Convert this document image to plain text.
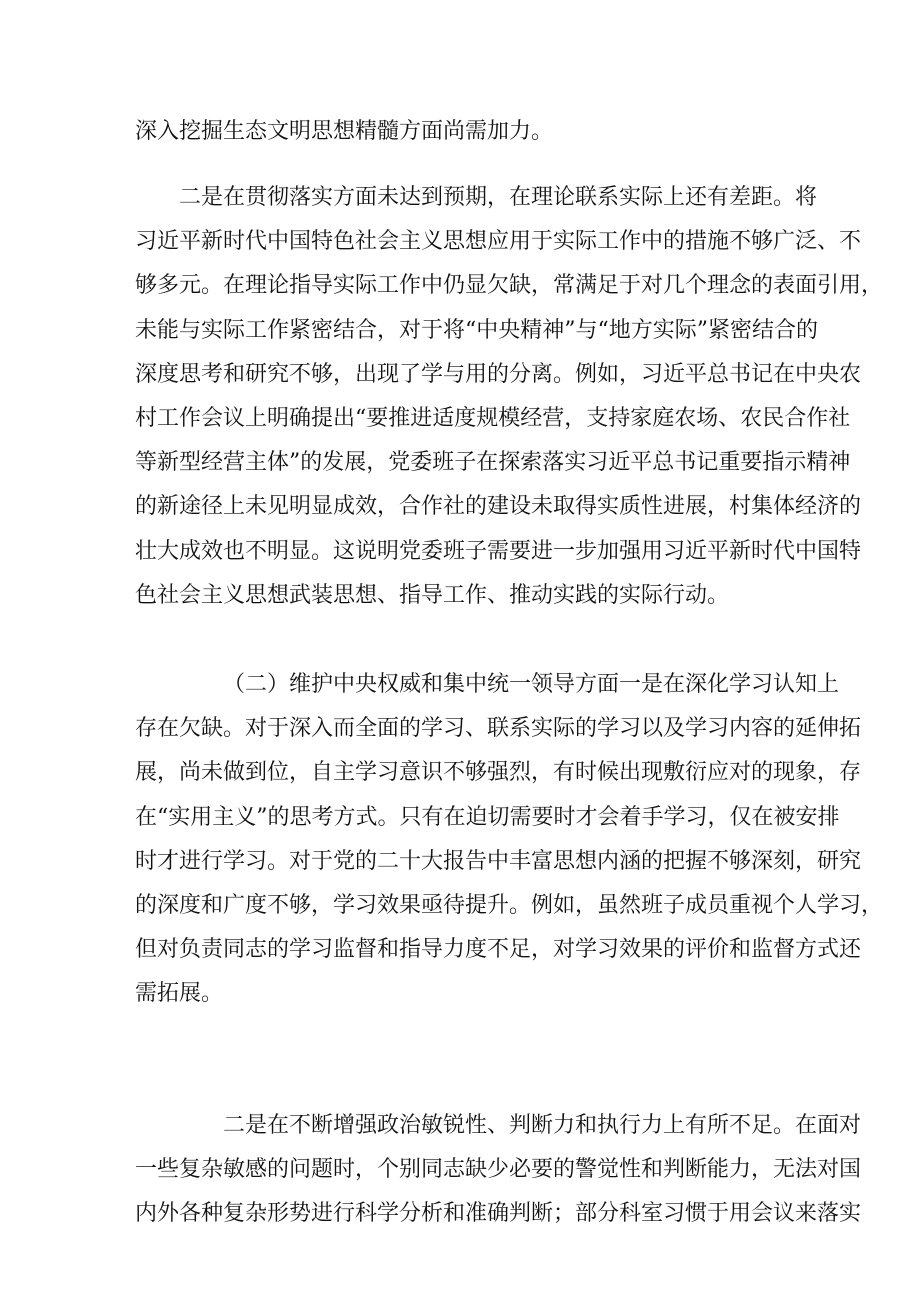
深入挖掘生态文明思想精髓方面尚需加力。
二是在贯彻落实方面未达到预期，在理论联系实际上还有差距。将
习近平新时代中国特色社会主义思想应用于实际工作中的措施不够广泛、不
够多元。在理论指导实际工作中仍显欠缺，常满足于对几个理念的表面引用，
未能与实际工作紧密结合，对于将“中央精神”与“地方实际”紧密结合的
深度思考和研究不够，出现了学与用的分离。例如，习近平总书记在中央农
村工作会议上明确提出“要推进适度规模经营，支持家庭农场、农民合作社
等新型经营主体”的发展，党委班子在探索落实习近平总书记重要指示精神
的新途径上未见明显成效，合作社的建设未取得实质性进展，村集体经济的
壮大成效也不明显。这说明党委班子需要进一步加强用习近平新时代中国特
色社会主义思想武装思想、指导工作、推动实践的实际行动。
（二）维护中央权威和集中统一领导方面一是在深化学习认知上
存在欠缺。对于深入而全面的学习、联系实际的学习以及学习内容的延伸拓
展，尚未做到位，自主学习意识不够强烈，有时候出现敷衍应对的现象，存
在“实用主义”的思考方式。只有在迫切需要时才会着手学习，仅在被安排
时才进行学习。对于党的二十大报告中丰富思想内涵的把握不够深刻，研究
的深度和广度不够，学习效果亟待提升。例如，虽然班子成员重视个人学习，
但对负责同志的学习监督和指导力度不足，对学习效果的评价和监督方式还
需拓展。
二是在不断增强政治敏锐性、判断力和执行力上有所不足。在面对
一些复杂敏感的问题时，个别同志缺少必要的警觉性和判断能力，无法对国
内外各种复杂形势进行科学分析和准确判断；部分科室习惯于用会议来落实
